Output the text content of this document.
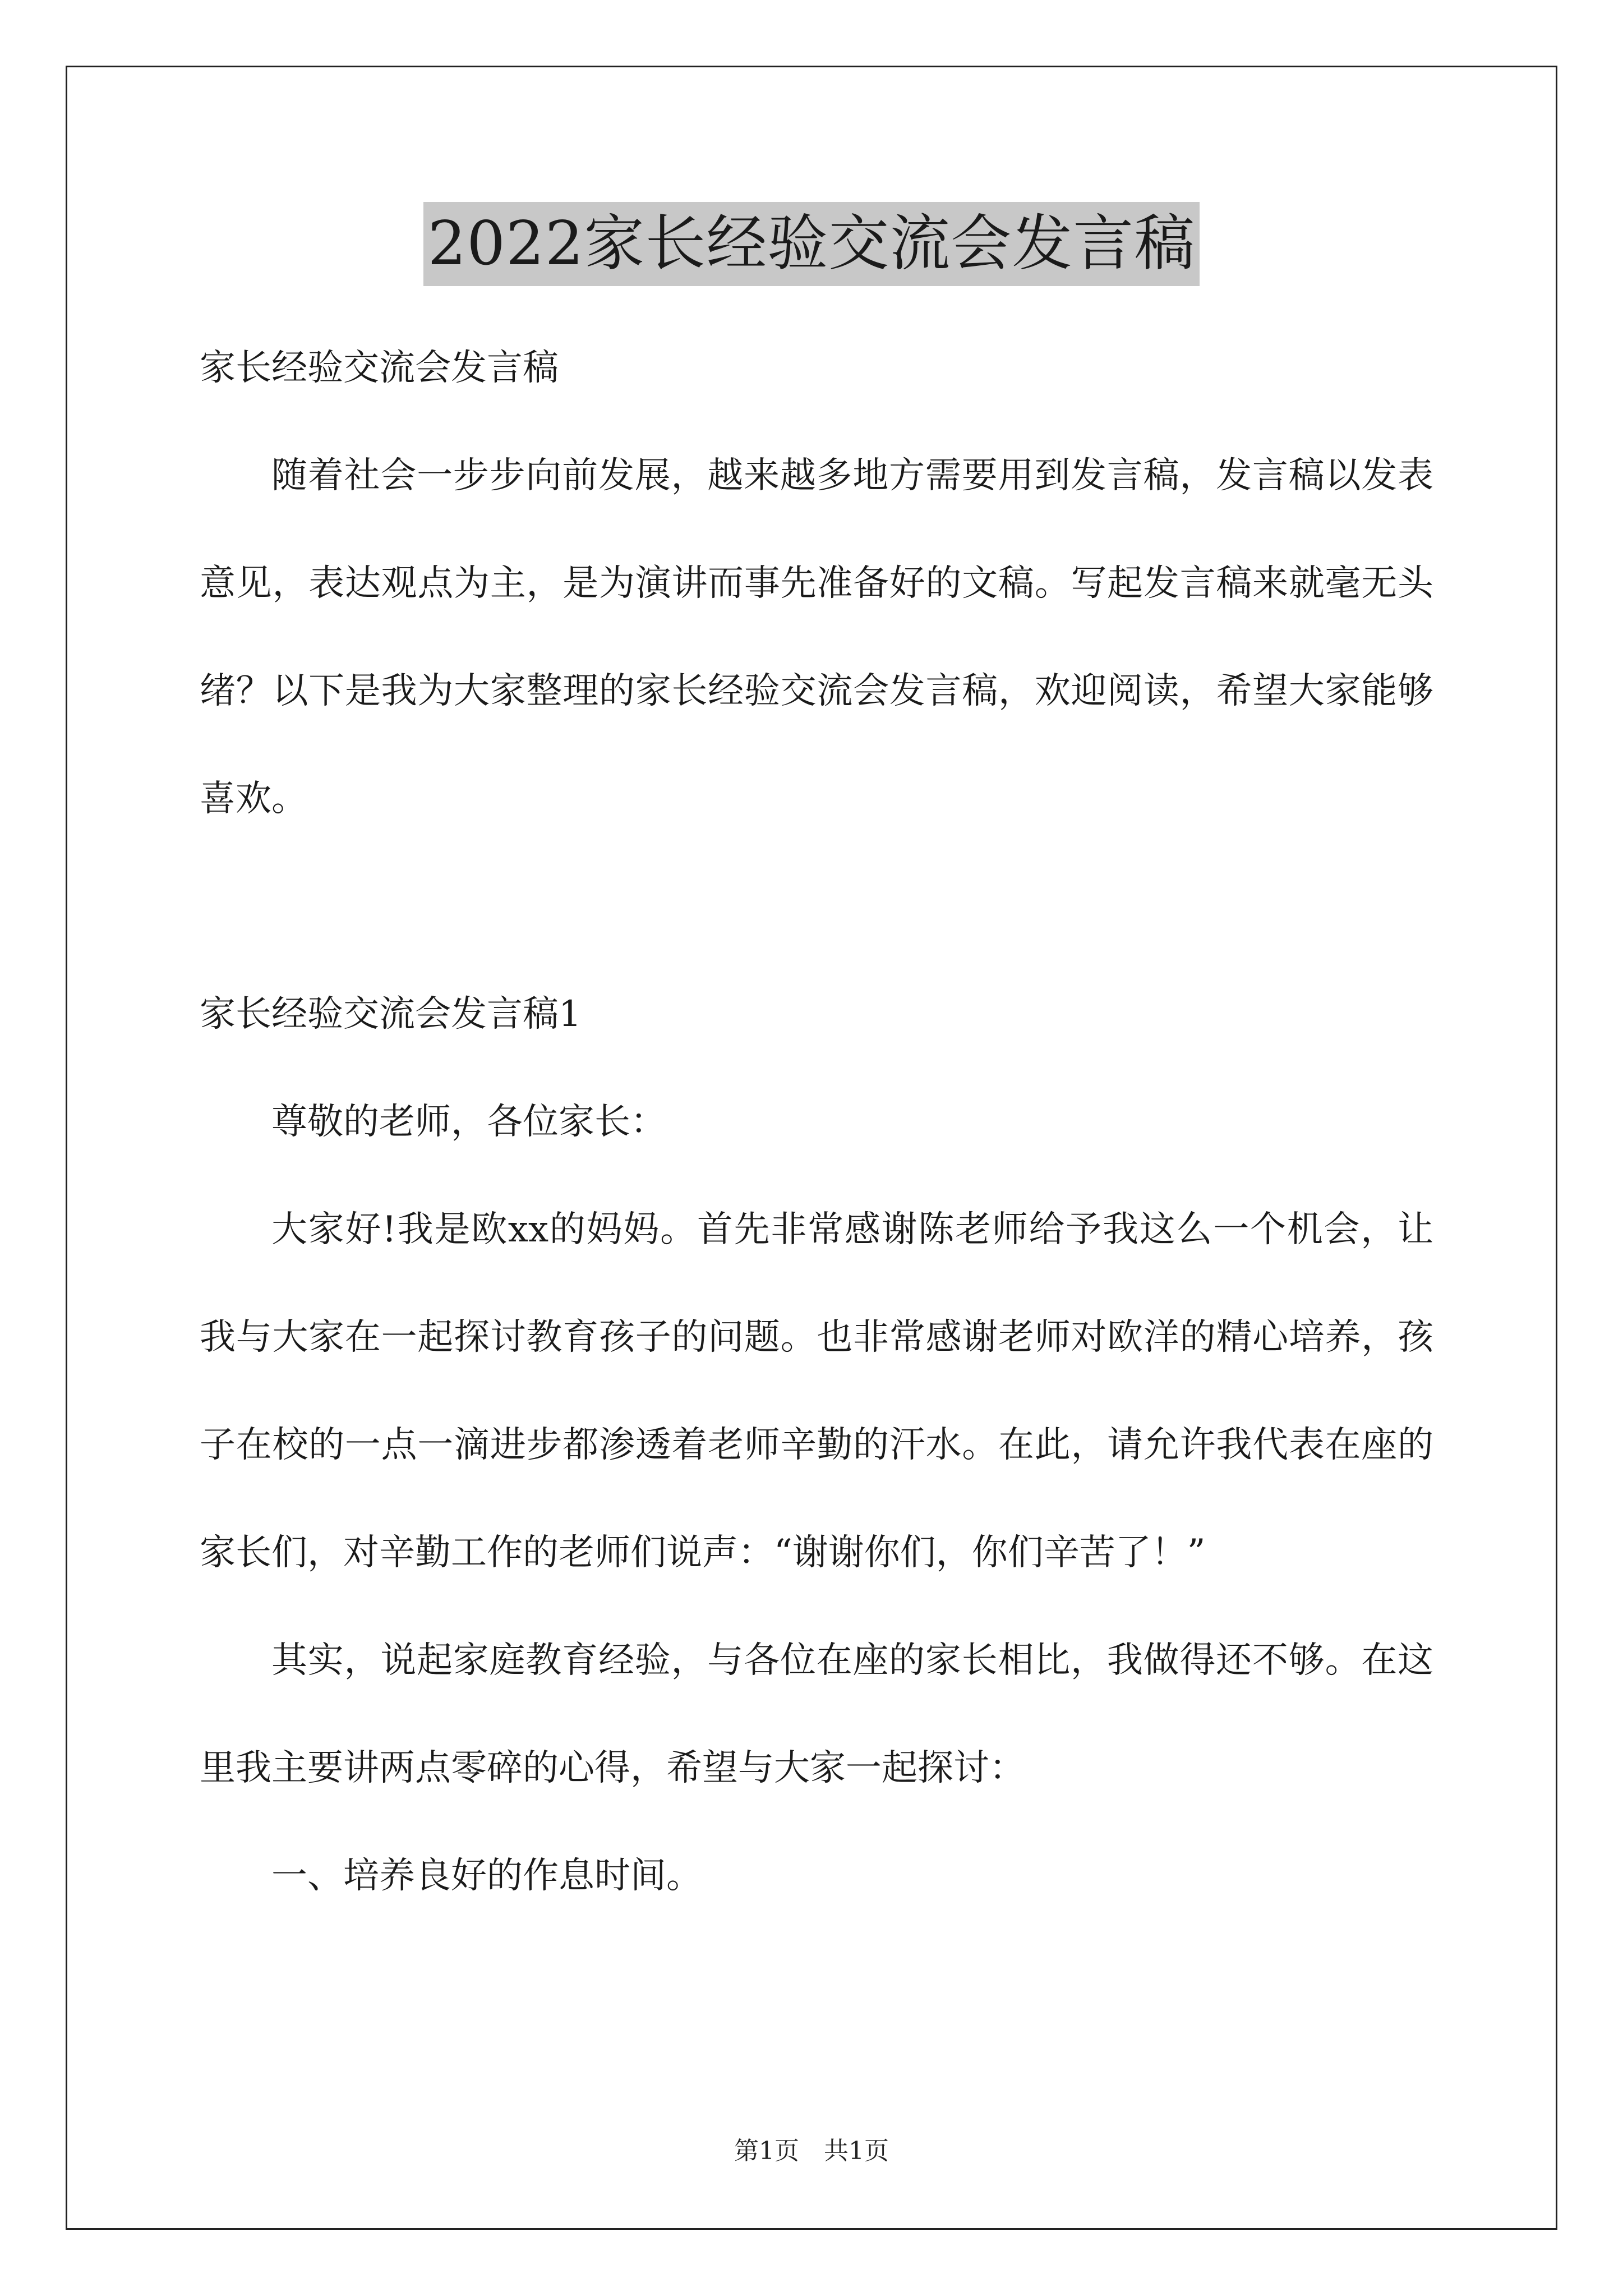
2022家长经验交流会发言稿

家长经验交流会发言稿

随着社会一步步向前发展，越来越多地方需要用到发言稿，发言稿以发表意见，表达观点为主，是为演讲而事先准备好的文稿。写起发言稿来就毫无头绪？以下是我为大家整理的家长经验交流会发言稿，欢迎阅读，希望大家能够喜欢。

家长经验交流会发言稿1

尊敬的老师，各位家长：

大家好!我是欧xx的妈妈。首先非常感谢陈老师给予我这么一个机会，让我与大家在一起探讨教育孩子的问题。也非常感谢老师对欧洋的精心培养，孩子在校的一点一滴进步都渗透着老师辛勤的汗水。在此，请允许我代表在座的家长们，对辛勤工作的老师们说声：“谢谢你们，你们辛苦了！”

其实，说起家庭教育经验，与各位在座的家长相比，我做得还不够。在这里我主要讲两点零碎的心得，希望与大家一起探讨：

一、培养良好的作息时间。

第1页　共1页
